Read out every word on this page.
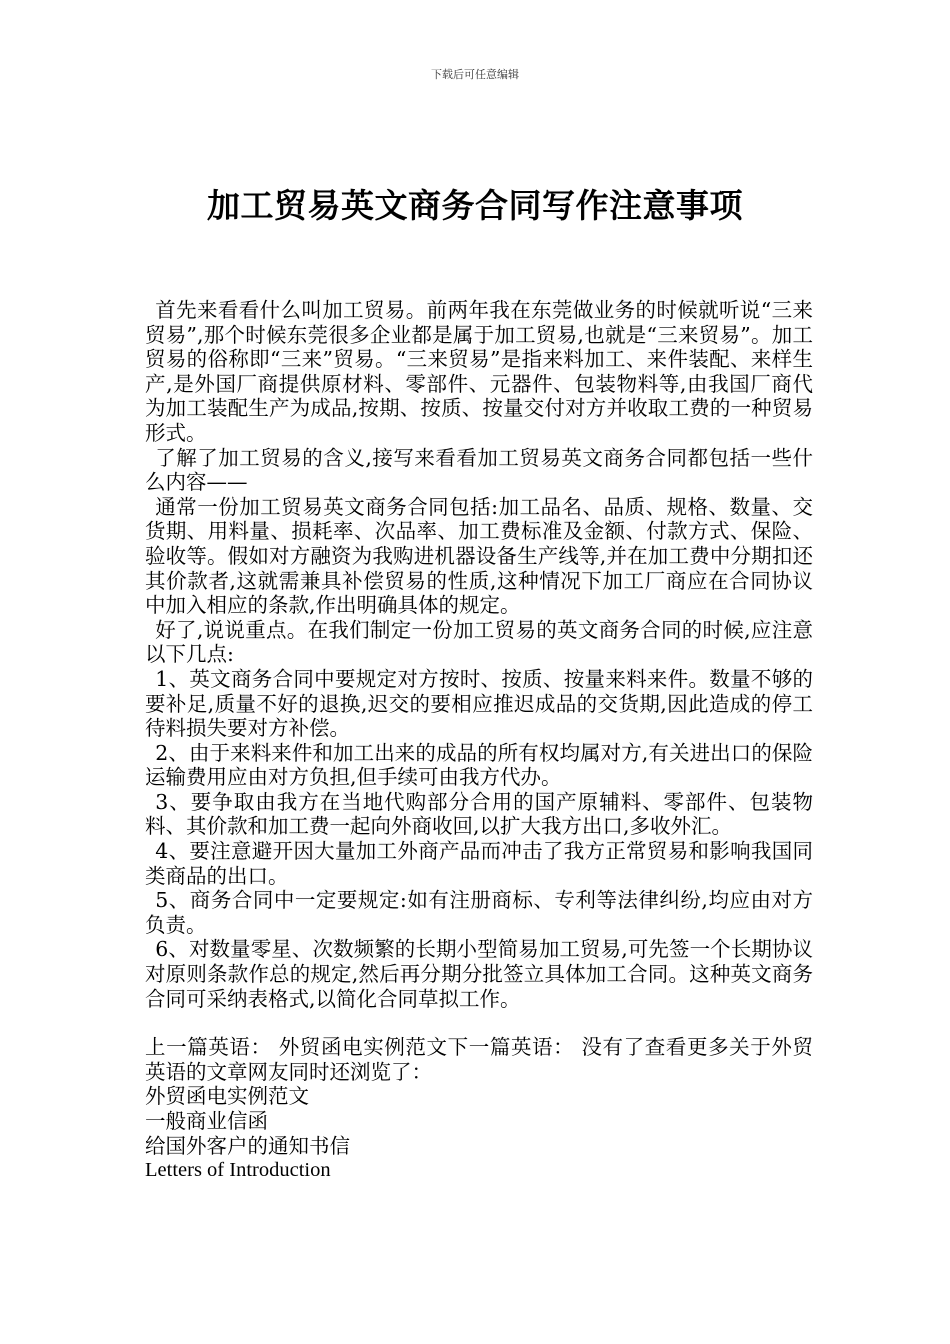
下载后可任意编辑
加工贸易英文商务合同写作注意事项

首先来看看什么叫加工贸易。前两年我在东莞做业务的时候就听说“三来贸易”,那个时候东莞很多企业都是属于加工贸易,也就是“三来贸易”。加工贸易的俗称即“三来”贸易。“三来贸易”是指来料加工、来件装配、来样生产,是外国厂商提供原材料、零部件、元器件、包装物料等,由我国厂商代为加工装配生产为成品,按期、按质、按量交付对方并收取工费的一种贸易形式。

了解了加工贸易的含义,接写来看看加工贸易英文商务合同都包括一些什么内容——

通常一份加工贸易英文商务合同包括:加工品名、品质、规格、数量、交货期、用料量、损耗率、次品率、加工费标准及金额、付款方式、保险、验收等。假如对方融资为我购进机器设备生产线等,并在加工费中分期扣还其价款者,这就需兼具补偿贸易的性质,这种情况下加工厂商应在合同协议中加入相应的条款,作出明确具体的规定。

好了,说说重点。在我们制定一份加工贸易的英文商务合同的时候,应注意以下几点:

1、英文商务合同中要规定对方按时、按质、按量来料来件。数量不够的要补足,质量不好的退换,迟交的要相应推迟成品的交货期,因此造成的停工待料损失要对方补偿。

2、由于来料来件和加工出来的成品的所有权均属对方,有关进出口的保险运输费用应由对方负担,但手续可由我方代办。

3、要争取由我方在当地代购部分合用的国产原辅料、零部件、包装物料、其价款和加工费一起向外商收回,以扩大我方出口,多收外汇。

4、要注意避开因大量加工外商产品而冲击了我方正常贸易和影响我国同类商品的出口。

5、商务合同中一定要规定:如有注册商标、专利等法律纠纷,均应由对方负责。

6、对数量零星、次数频繁的长期小型简易加工贸易,可先签一个长期协议对原则条款作总的规定,然后再分期分批签立具体加工合同。这种英文商务合同可采纳表格式,以简化合同草拟工作。

上一篇英语： 外贸函电实例范文下一篇英语： 没有了查看更多关于外贸英语的文章网友同时还浏览了：
外贸函电实例范文
一般商业信函
给国外客户的通知书信
Letters of Introduction
